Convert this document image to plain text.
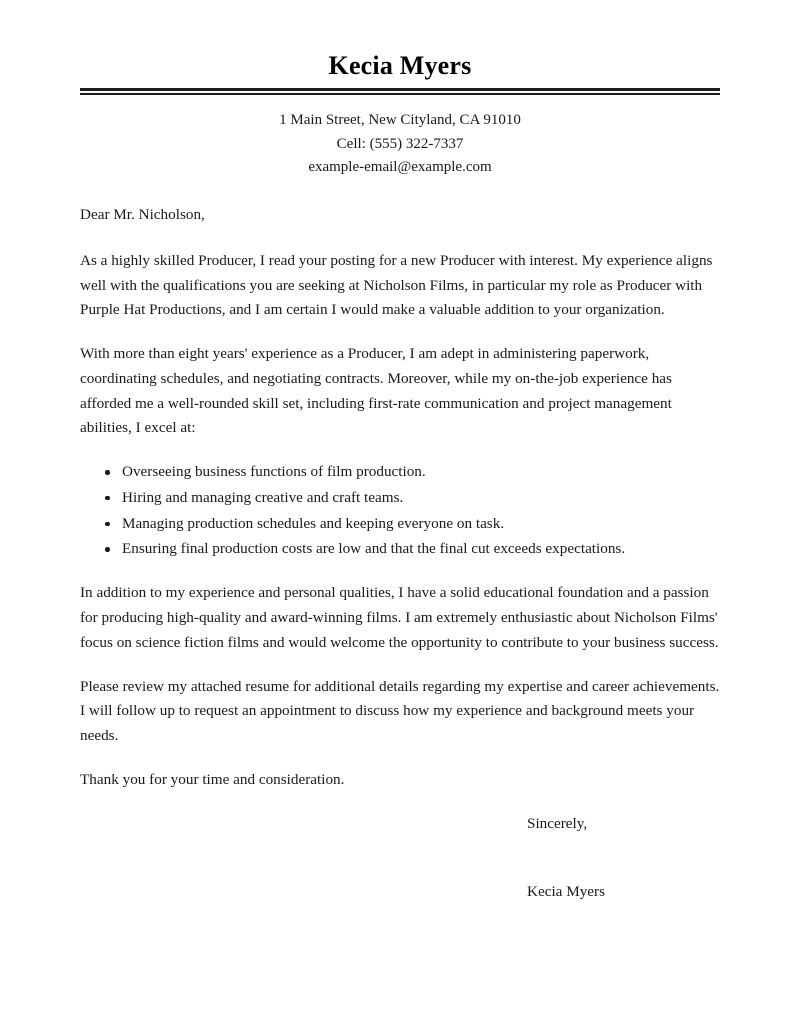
Kecia Myers
1 Main Street, New Cityland, CA 91010
Cell: (555) 322-7337
example-email@example.com

Dear Mr. Nicholson,

As a highly skilled Producer, I read your posting for a new Producer with interest. My experience aligns well with the qualifications you are seeking at Nicholson Films, in particular my role as Producer with Purple Hat Productions, and I am certain I would make a valuable addition to your organization.

With more than eight years' experience as a Producer, I am adept in administering paperwork, coordinating schedules, and negotiating contracts. Moreover, while my on-the-job experience has afforded me a well-rounded skill set, including first-rate communication and project management abilities, I excel at:

Overseeing business functions of film production.
Hiring and managing creative and craft teams.
Managing production schedules and keeping everyone on task.
Ensuring final production costs are low and that the final cut exceeds expectations.

In addition to my experience and personal qualities, I have a solid educational foundation and a passion for producing high-quality and award-winning films. I am extremely enthusiastic about Nicholson Films' focus on science fiction films and would welcome the opportunity to contribute to your business success.

Please review my attached resume for additional details regarding my expertise and career achievements. I will follow up to request an appointment to discuss how my experience and background meets your needs.

Thank you for your time and consideration.

Sincerely,

Kecia Myers
